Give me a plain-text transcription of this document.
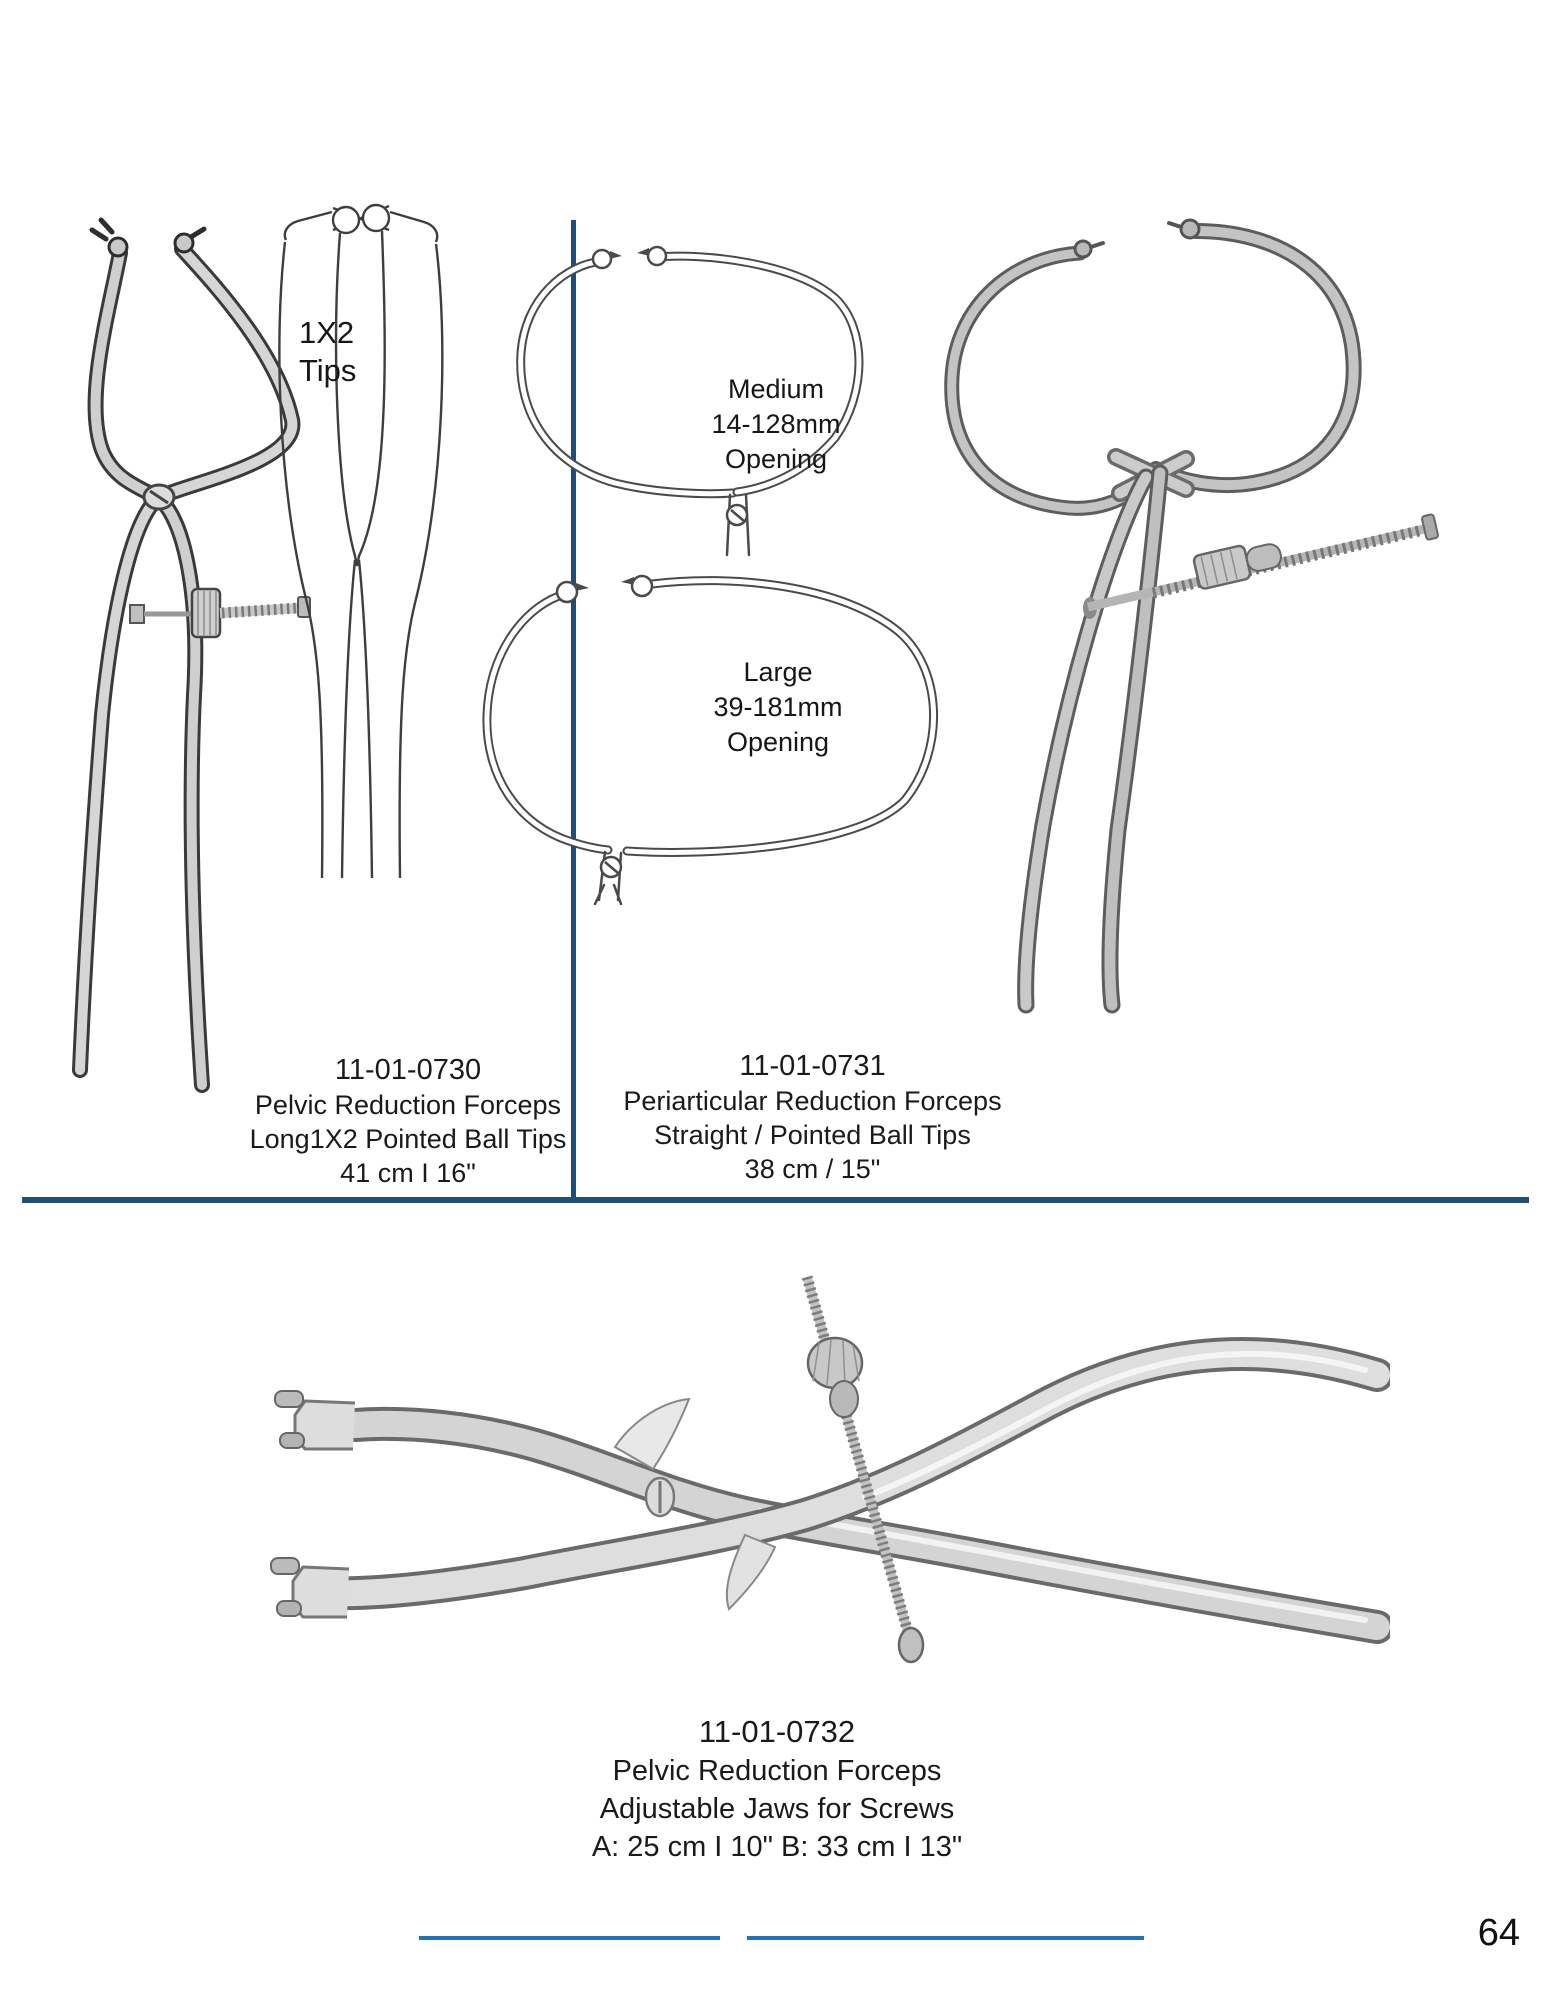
1X2
Tips
11-01-0730
Pelvic Reduction Forceps
Long1X2 Pointed Ball Tips
41 cm I 16"
Medium
14-128mm
Opening
Large
39-181mm
Opening
11-01-0731
Periarticular Reduction Forceps
Straight / Pointed Ball Tips
38 cm / 15"
11-01-0732
Pelvic Reduction Forceps
Adjustable Jaws for Screws
A: 25 cm I 10" B: 33 cm I 13"
64
